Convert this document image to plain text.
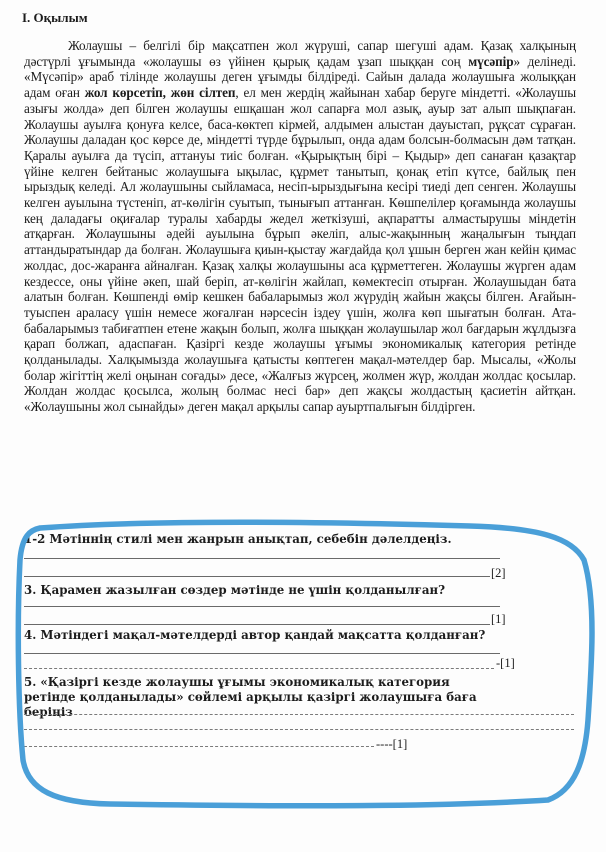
I. Оқылым

Жолаушы – белгілі бір мақсатпен жол жүруші, сапар шегуші адам. Қазақ халқының дәстүрлі ұғымында «жолаушы өз үйінен қырық қадам ұзап шыққан соң мүсәпір» делінеді. «Мүсәпір» араб тілінде жолаушы деген ұғымды білдіреді. Сайын далада жолаушыға жолыққан адам оған жол көрсетіп, жөн сілтеп, ел мен жердің жайынан хабар беруге міндетті. «Жолаушы азығы жолда» деп білген жолаушы ешқашан жол сапарға мол азық, ауыр зат алып шықпаған. Жолаушы ауылға қонуға келсе, баса-көктеп кірмей, алдымен алыстан дауыстап, рұқсат сұраған. Жолаушы даладан қос көрсе де, міндетті түрде бұрылып, онда адам болсын-болмасын дәм татқан. Қаралы ауылға да түсіп, аттануы тиіс болған. «Қырықтың бірі – Қыдыр» деп санаған қазақтар үйіне келген бейтаныс жолаушыға ықылас, құрмет танытып, қонақ етіп күтсе, байлық пен ырыздық келеді. Ал жолаушыны сыйламаса, несіп-ырыздығына кесірі тиеді деп сенген. Жолаушы келген ауылына түстеніп, ат-көлігін суытып, тынығып аттанған. Көшпелілер қоғамында жолаушы кең даладағы оқиғалар туралы хабарды жедел жеткізуші, ақпаратты алмастырушы міндетін атқарған. Жолаушыны әдейі ауылына бұрып әкеліп, алыс-жақынның жаңалығын тыңдап аттандыратындар да болған. Жолаушыға қиын-қыстау жағдайда қол ұшын берген жан кейін қимас жолдас, дос-жаранға айналған. Қазақ халқы жолаушыны аса құрметтеген. Жолаушы жүрген адам кездессе, оны үйіне әкеп, шай беріп, ат-көлігін жайлап, көмектесіп отырған. Жолаушыдан бата алатын болған. Көшпенді өмір кешкен бабаларымыз жол жүрудің жайын жақсы білген. Ағайын-туыспен араласу үшін немесе жоғалған нәрсесін іздеу үшін, жолға көп шығатын болған. Ата-бабаларымыз табиғатпен етене жақын болып, жолға шыққан жолаушылар жол бағдарын жұлдызға қарап болжап, адаспаған. Қазіргі кезде жолаушы ұғымы экономикалық категория ретінде қолданылады. Халқымызда жолаушыға қатысты көптеген мақал-мәтелдер бар. Мысалы, «Жолы болар жігіттің желі оңынан соғады» десе, «Жалғыз жүрсең, жолмен жүр, жолдан жолдас қосылар. Жолдан жолдас қосылса, жолың болмас несі бар» деп жақсы жолдастың қасиетін айтқан. «Жолаушыны жол сынайды» деген мақал арқылы сапар ауыртпалығын білдірген.

1-2 Мәтіннің стилі мен жанрын анықтап, себебін дәлелдеңіз.
[2]
3. Қарамен жазылған сөздер мәтінде не үшін қолданылған?
[1]
4. Мәтіндегі мақал-мәтелдерді автор қандай мақсатта қолданған?
-[1]
5. «Қазіргі кезде жолаушы ұғымы экономикалық категория ретінде қолданылады» сөйлемі арқылы қазіргі жолаушыға баға беріңіз
----[1]
